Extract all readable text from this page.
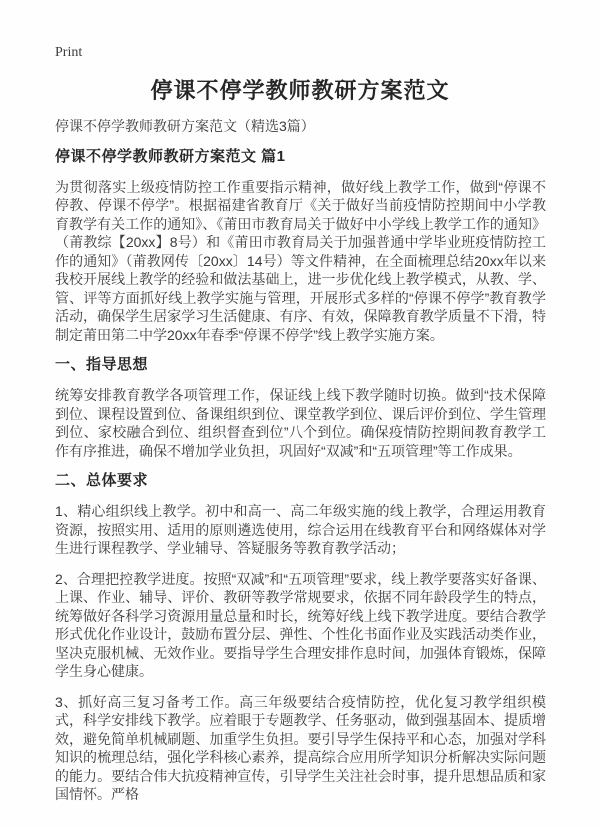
Print
停课不停学教师教研方案范文

停课不停学教师教研方案范文（精选3篇）

停课不停学教师教研方案范文 篇1

为贯彻落实上级疫情防控工作重要指示精神，做好线上教学工作，做到“停课不停教、停课不停学”。根据福建省教育厅《关于做好当前疫情防控期间中小学教育教学有关工作的通知》、《莆田市教育局关于做好中小学线上教学工作的通知》（莆教综【20xx】8号）和《莆田市教育局关于加强普通中学毕业班疫情防控工作的通知》（莆教网传〔20xx〕14号）等文件精神，在全面梳理总结20xx年以来我校开展线上教学的经验和做法基础上，进一步优化线上教学模式，从教、学、管、评等方面抓好线上教学实施与管理，开展形式多样的“停课不停学”教育教学活动，确保学生居家学习生活健康、有序、有效，保障教育教学质量不下滑，特制定莆田第二中学20xx年春季“停课不停学”线上教学实施方案。

一、指导思想

统筹安排教育教学各项管理工作，保证线上线下教学随时切换。做到“技术保障到位、课程设置到位、备课组织到位、课堂教学到位、课后评价到位、学生管理到位、家校融合到位、组织督查到位”八个到位。确保疫情防控期间教育教学工作有序推进，确保不增加学业负担，巩固好“双减”和“五项管理”等工作成果。

二、总体要求

1、精心组织线上教学。初中和高一、高二年级实施的线上教学，合理运用教育资源，按照实用、适用的原则遴选使用，综合运用在线教育平台和网络媒体对学生进行课程教学、学业辅导、答疑服务等教育教学活动；

2、合理把控教学进度。按照“双减”和“五项管理”要求，线上教学要落实好备课、上课、作业、辅导、评价、教研等教学常规要求，依据不同年龄段学生的特点，统筹做好各科学习资源用量总量和时长，统筹好线上线下教学进度。要结合教学形式优化作业设计，鼓励布置分层、弹性、个性化书面作业及实践活动类作业，坚决克服机械、无效作业。要指导学生合理安排作息时间，加强体育锻炼，保障学生身心健康。

3、抓好高三复习备考工作。高三年级要结合疫情防控，优化复习教学组织模式，科学安排线下教学。应着眼于专题教学、任务驱动，做到强基固本、提质增效，避免简单机械刷题、加重学生负担。要引导学生保持平和心态，加强对学科知识的梳理总结，强化学科核心素养，提高综合应用所学知识分析解决实际问题的能力。要结合伟大抗疫精神宣传，引导学生关注社会时事，提升思想品质和家国情怀。严格
